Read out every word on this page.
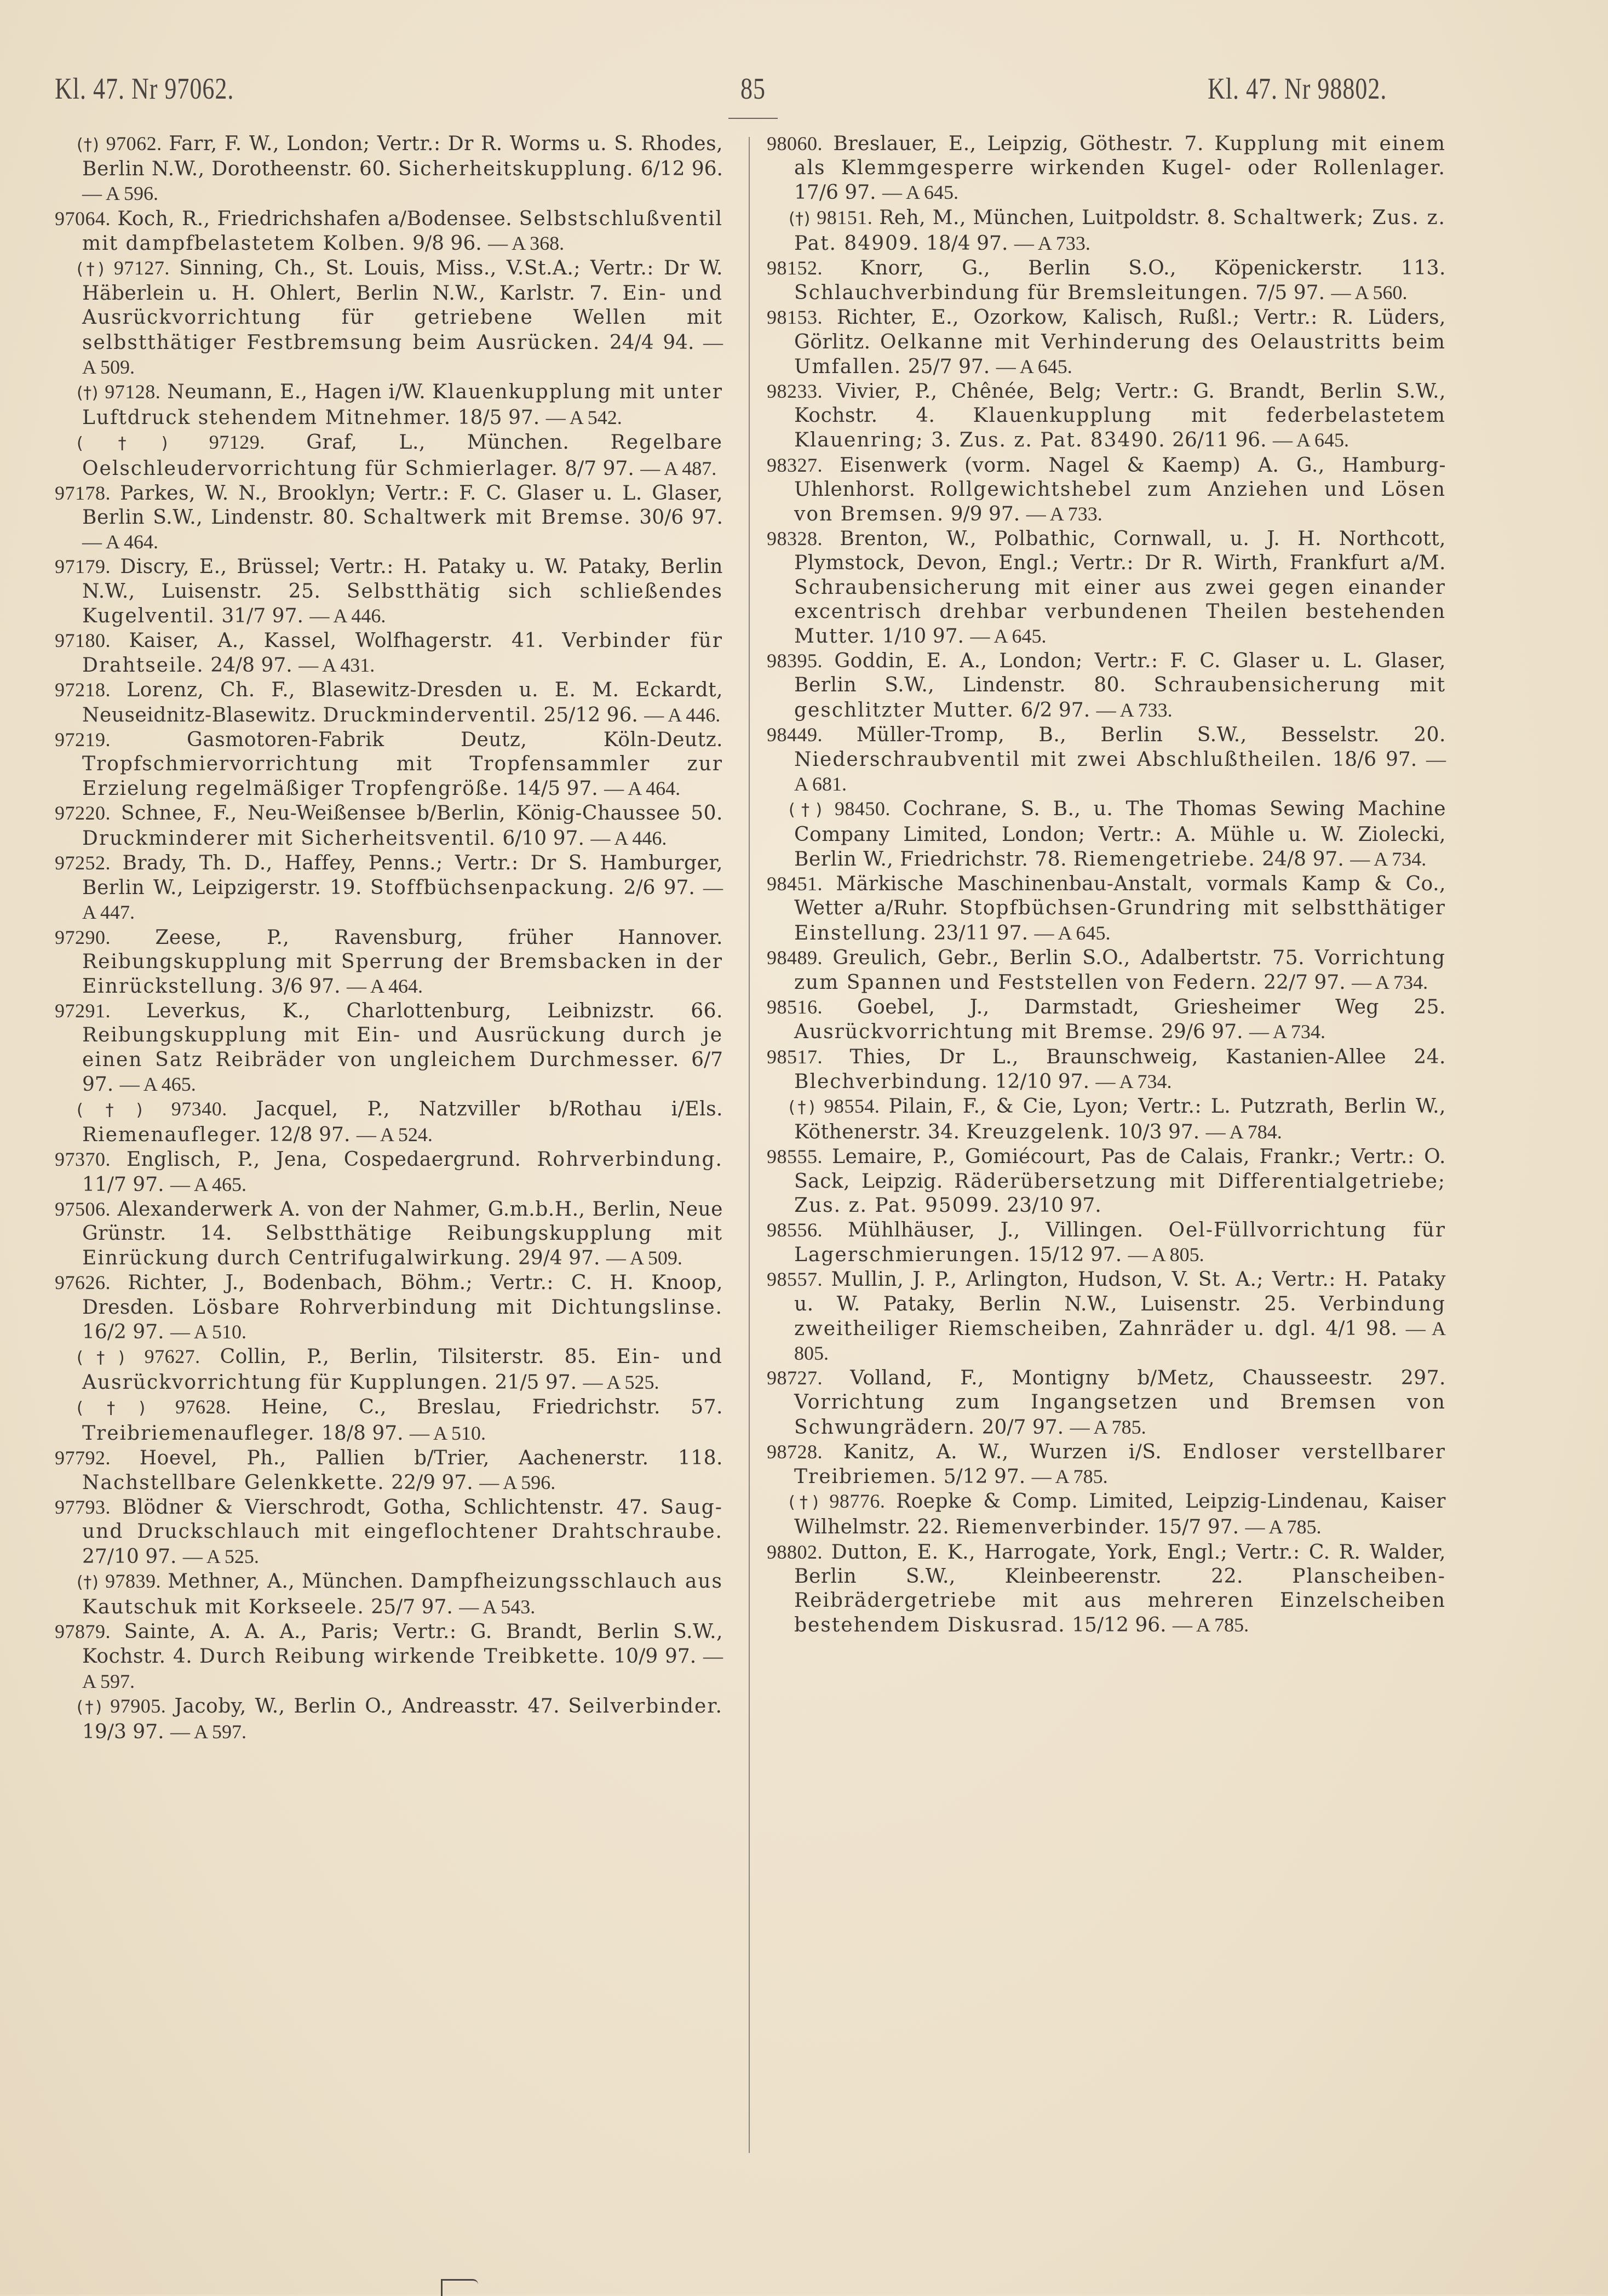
Kl. 47. Nr 97062.	85	Kl. 47. Nr 98802.

(†) 97062. Farr, F. W., London; Vertr.: Dr R. Worms u. S. Rhodes, Berlin N.W., Dorotheenstr. 60. Sicherheitskupplung. 6/12 96. — A 596.

97064. Koch, R., Friedrichshafen a/Bodensee. Selbstschlußventil mit dampfbelastetem Kolben. 9/8 96. — A 368.

(†) 97127. Sinning, Ch., St. Louis, Miss., V.St.A.; Vertr.: Dr W. Häberlein u. H. Ohlert, Berlin N.W., Karlstr. 7. Ein- und Ausrückvorrichtung für getriebene Wellen mit selbstthätiger Festbremsung beim Ausrücken. 24/4 94. — A 509.

(†) 97128. Neumann, E., Hagen i/W. Klauenkupplung mit unter Luftdruck stehendem Mitnehmer. 18/5 97. — A 542.

(†) 97129. Graf, L., München. Regelbare Oelschleudervorrichtung für Schmierlager. 8/7 97. — A 487.

97178. Parkes, W. N., Brooklyn; Vertr.: F. C. Glaser u. L. Glaser, Berlin S.W., Lindenstr. 80. Schaltwerk mit Bremse. 30/6 97. — A 464.

97179. Discry, E., Brüssel; Vertr.: H. Pataky u. W. Pataky, Berlin N.W., Luisenstr. 25. Selbstthätig sich schließendes Kugelventil. 31/7 97. — A 446.

97180. Kaiser, A., Kassel, Wolfhagerstr. 41. Verbinder für Drahtseile. 24/8 97. — A 431.

97218. Lorenz, Ch. F., Blasewitz-Dresden u. E. M. Eckardt, Neuseidnitz-Blasewitz. Druckminderventil. 25/12 96. — A 446.

97219.	Gasmotoren-Fabrik Deutz, Köln-Deutz. Tropfschmiervorrichtung mit Tropfensammler zur Erzielung regelmäßiger Tropfengröße. 14/5 97. — A 464.

97220. Schnee, F., Neu-Weißensee b/Berlin, König-Chaussee 50. Druckminderer mit Sicherheitsventil. 6/10 97. — A 446.

97252. Brady, Th. D., Haffey, Penns.; Vertr.: Dr S. Hamburger, Berlin W., Leipzigerstr. 19. Stoffbüchsenpackung. 2/6 97. — A 447.

97290. Zeese, P., Ravensburg, früher Hannover. Reibungskupplung mit Sperrung der Bremsbacken in der Einrückstellung. 3/6 97. — A 464.

97291. Leverkus, K., Charlottenburg, Leibnizstr. 66. Reibungskupplung mit Ein- und Ausrückung durch je einen Satz Reibräder von ungleichem Durchmesser. 6/7 97. — A 465.

(†) 97340. Jacquel, P., Natzviller b/Rothau i/Els. Riemenaufleger. 12/8 97. — A 524.

97370. Englisch, P., Jena, Cospedaergrund. Rohrverbindung. 11/7 97. — A 465.

97506. Alexanderwerk A. von der Nahmer, G.m.b.H., Berlin, Neue Grünstr. 14. Selbstthätige Reibungskupplung mit Einrückung durch Centrifugalwirkung. 29/4 97. — A 509.

97626. Richter, J., Bodenbach, Böhm.; Vertr.: C. H. Knoop, Dresden. Lösbare Rohrverbindung mit Dichtungslinse. 16/2 97. — A 510.

(†) 97627. Collin, P., Berlin, Tilsiterstr. 85. Ein- und Ausrückvorrichtung für Kupplungen. 21/5 97. — A 525.

(†) 97628. Heine, C., Breslau, Friedrichstr. 57. Treibriemenaufleger. 18/8 97. — A 510.

97792. Hoevel, Ph., Pallien b/Trier, Aachenerstr. 118. Nachstellbare Gelenkkette. 22/9 97. — A 596.

97793. Blödner & Vierschrodt, Gotha, Schlichtenstr. 47. Saug- und Druckschlauch mit eingeflochtener Drahtschraube. 27/10 97. — A 525.

(†) 97839. Methner, A., München. Dampfheizungsschlauch aus Kautschuk mit Korkseele. 25/7 97. — A 543.

97879. Sainte, A. A. A., Paris; Vertr.: G. Brandt, Berlin S.W., Kochstr. 4. Durch Reibung wirkende Treibkette. 10/9 97. — A 597.

(†) 97905. Jacoby, W., Berlin O., Andreasstr. 47. Seilverbinder. 19/3 97. — A 597.

98060. Breslauer, E., Leipzig, Göthestr. 7. Kupplung mit einem als Klemmgesperre wirkenden Kugel- oder Rollenlager. 17/6 97. — A 645.

(†) 98151. Reh, M., München, Luitpoldstr. 8. Schaltwerk; Zus. z. Pat. 84909. 18/4 97. — A 733.

98152. Knorr, G., Berlin S.O., Köpenickerstr. 113. Schlauchverbindung für Bremsleitungen. 7/5 97. — A 560.

98153. Richter, E., Ozorkow, Kalisch, Rußl.; Vertr.: R. Lüders, Görlitz. Oelkanne mit Verhinderung des Oelaustritts beim Umfallen. 25/7 97. — A 645.

98233. Vivier, P., Chênée, Belg; Vertr.: G. Brandt, Berlin S.W., Kochstr. 4. Klauenkupplung mit federbelastetem Klauenring; 3. Zus. z. Pat. 83490. 26/11 96. — A 645.

98327. Eisenwerk (vorm. Nagel & Kaemp) A. G., Hamburg-Uhlenhorst. Rollgewichtshebel zum Anziehen und Lösen von Bremsen. 9/9 97. — A 733.

98328. Brenton, W., Polbathic, Cornwall, u. J. H. Northcott, Plymstock, Devon, Engl.; Vertr.: Dr R. Wirth, Frankfurt a/M. Schraubensicherung mit einer aus zwei gegen einander excentrisch drehbar verbundenen Theilen bestehenden Mutter. 1/10 97. — A 645.

98395. Goddin, E. A., London; Vertr.: F. C. Glaser u. L. Glaser, Berlin S.W., Lindenstr. 80. Schraubensicherung mit geschlitzter Mutter. 6/2 97. — A 733.

98449. Müller-Tromp, B., Berlin S.W., Besselstr. 20. Niederschraubventil mit zwei Abschlußtheilen. 18/6 97. — A 681.

(†) 98450. Cochrane, S. B., u. The Thomas Sewing Machine Company Limited, London; Vertr.: A. Mühle u. W. Ziolecki, Berlin W., Friedrichstr. 78. Riemengetriebe. 24/8 97. — A 734.

98451. Märkische Maschinenbau-Anstalt, vormals Kamp & Co., Wetter a/Ruhr. Stopfbüchsen-Grundring mit selbstthätiger Einstellung. 23/11 97. — A 645.

98489. Greulich, Gebr., Berlin S.O., Adalbertstr. 75. Vorrichtung zum Spannen und Feststellen von Federn. 22/7 97. — A 734.

98516. Goebel, J., Darmstadt, Griesheimer Weg 25. Ausrückvorrichtung mit Bremse. 29/6 97. — A 734.

98517. Thies, Dr L., Braunschweig, Kastanien-Allee 24. Blechverbindung. 12/10 97. — A 734.

(†) 98554. Pilain, F., & Cie, Lyon; Vertr.: L. Putzrath, Berlin W., Köthenerstr. 34. Kreuzgelenk. 10/3 97. — A 784.

98555. Lemaire, P., Gomiécourt, Pas de Calais, Frankr.; Vertr.: O. Sack, Leipzig. Räderübersetzung mit Differentialgetriebe; Zus. z. Pat. 95099. 23/10 97.

98556. Mühlhäuser, J., Villingen. Oel-Füllvorrichtung für Lagerschmierungen. 15/12 97. — A 805.

98557. Mullin, J. P., Arlington, Hudson, V. St. A.; Vertr.: H. Pataky u. W. Pataky, Berlin N.W., Luisenstr. 25. Verbindung zweitheiliger Riemscheiben, Zahnräder u. dgl. 4/1 98. — A 805.

98727. Volland, F., Montigny b/Metz, Chausseestr. 297. Vorrichtung zum Ingangsetzen und Bremsen von Schwungrädern. 20/7 97. — A 785.

98728. Kanitz, A. W., Wurzen i/S. Endloser verstellbarer Treibriemen. 5/12 97. — A 785.

(†) 98776. Roepke & Comp. Limited, Leipzig-Lindenau, Kaiser Wilhelmstr. 22. Riemenverbinder. 15/7 97. — A 785.

98802. Dutton, E. K., Harrogate, York, Engl.; Vertr.: C. R. Walder, Berlin S.W., Kleinbeerenstr. 22. Planscheiben-Reibrädergetriebe mit aus mehreren Einzelscheiben bestehendem Diskusrad. 15/12 96. — A 785.
